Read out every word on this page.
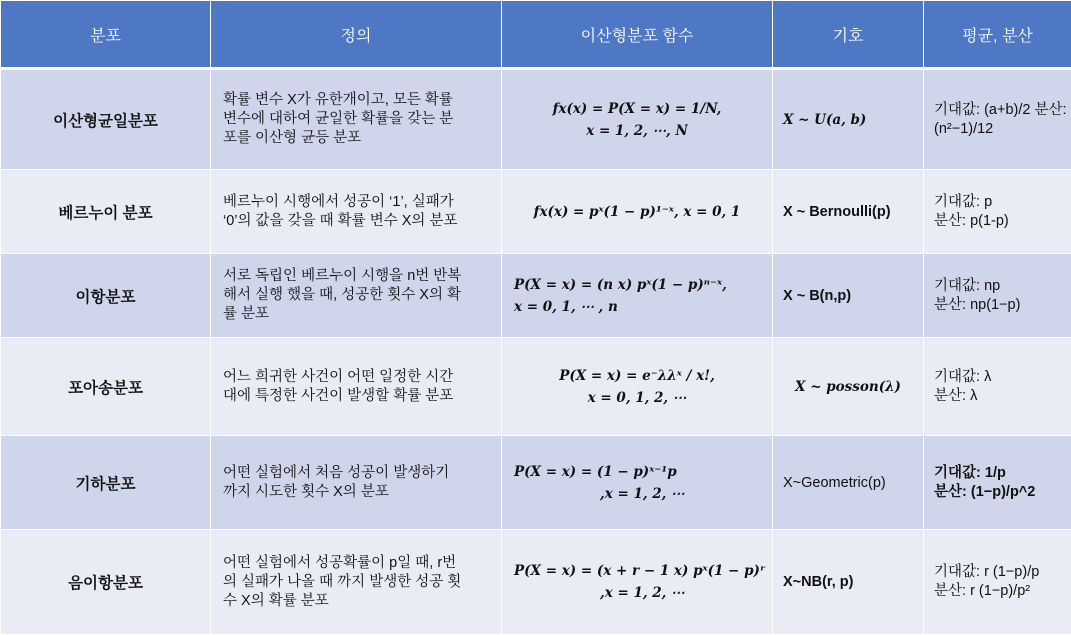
분포	정의	이산형분포 함수	기호	평균, 분산
이산형균일분포	확률 변수 X가 유한개이고, 모든 확률
변수에 대하여 균일한 확률을 갖는 분
포를 이산형 균등 분포	fx(x) = P(X = x) = 1/N,
x = 1, 2, ⋯, N	X ~ U(a, b)	기대값: (a+b)/2 분산:
(n²−1)/12

베르누이 분포	베르누이 시행에서 성공이 ‘1’, 실패가
‘0’의 값을 갖을 때 확률 변수 X의 분포	fx(x) = pˣ(1 − p)¹⁻ˣ, x = 0, 1	X ~ Bernoulli(p)	기대값: p
분산: p(1-p)

이항분포	서로 독립인 베르누이 시행을 n번 반복
해서 실행 했을 때, 성공한 횟수 X의 확
률 분포	P(X = x) = (n x) pˣ(1 − p)ⁿ⁻ˣ,
x = 0, 1, ⋯ , n	X ~ B(n,p)	기대값: np
분산: np(1−p)

포아송분포	어느 희귀한 사건이 어떤 일정한 시간
대에 특정한 사건이 발생할 확률 분포	P(X = x) = e⁻λλˣ / x!,
x = 0, 1, 2, ⋯	X ~ posson(λ)	기대값: λ
분산: λ

기하분포	어떤 실험에서 처음 성공이 발생하기
까지 시도한 횟수 X의 분포	P(X = x) = (1 − p)ˣ⁻¹p
,x = 1, 2, ⋯	X~Geometric(p)	기대값: 1/p
분산: (1−p)/p^2

음이항분포	어떤 실험에서 성공확률이 p일 때, r번
의 실패가 나올 때 까지 발생한 성공 횟
수 X의 확률 분포	P(X = x) = (x + r − 1 x) pˣ(1 − p)ʳ
,x = 1, 2, ⋯	X~NB(r, p)	기대값: r (1−p)/p
분산: r (1−p)/p²
